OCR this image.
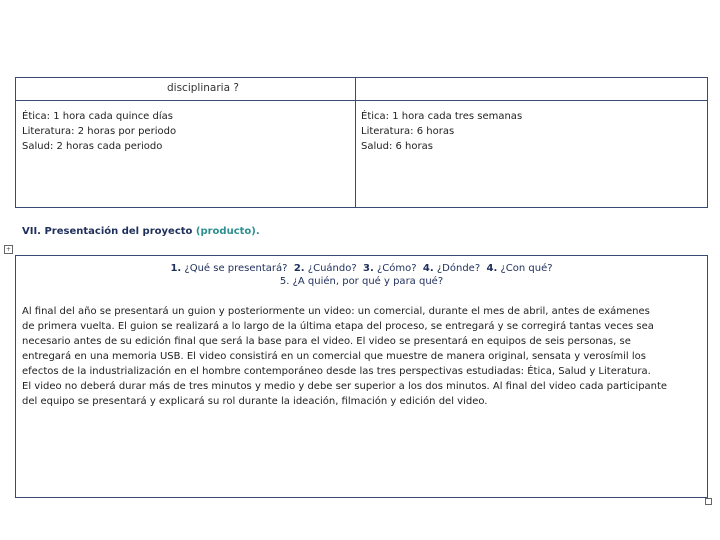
disciplinaria ?
Ética: 1 hora cada quince días
Literatura: 2 horas por periodo
Salud: 2 horas cada periodo
Ética: 1 hora cada tres semanas
Literatura: 6 horas
Salud: 6 horas
VII. Presentación del proyecto (producto).
+
1. ¿Qué se presentará? 2. ¿Cuándo? 3. ¿Cómo? 4. ¿Dónde? 4. ¿Con qué?
5. ¿A quién, por qué y para qué?
Al final del año se presentará un guion y posteriormente un video: un comercial, durante el mes de abril, antes de exámenes
de primera vuelta. El guion se realizará a lo largo de la última etapa del proceso, se entregará y se corregirá tantas veces sea
necesario antes de su edición final que será la base para el video. El video se presentará en equipos de seis personas, se
entregará en una memoria USB. El video consistirá en un comercial que muestre de manera original, sensata y verosímil los
efectos de la industrialización en el hombre contemporáneo desde las tres perspectivas estudiadas: Ética, Salud y Literatura.
El video no deberá durar más de tres minutos y medio y debe ser superior a los dos minutos. Al final del video cada participante
del equipo se presentará y explicará su rol durante la ideación, filmación y edición del video.
